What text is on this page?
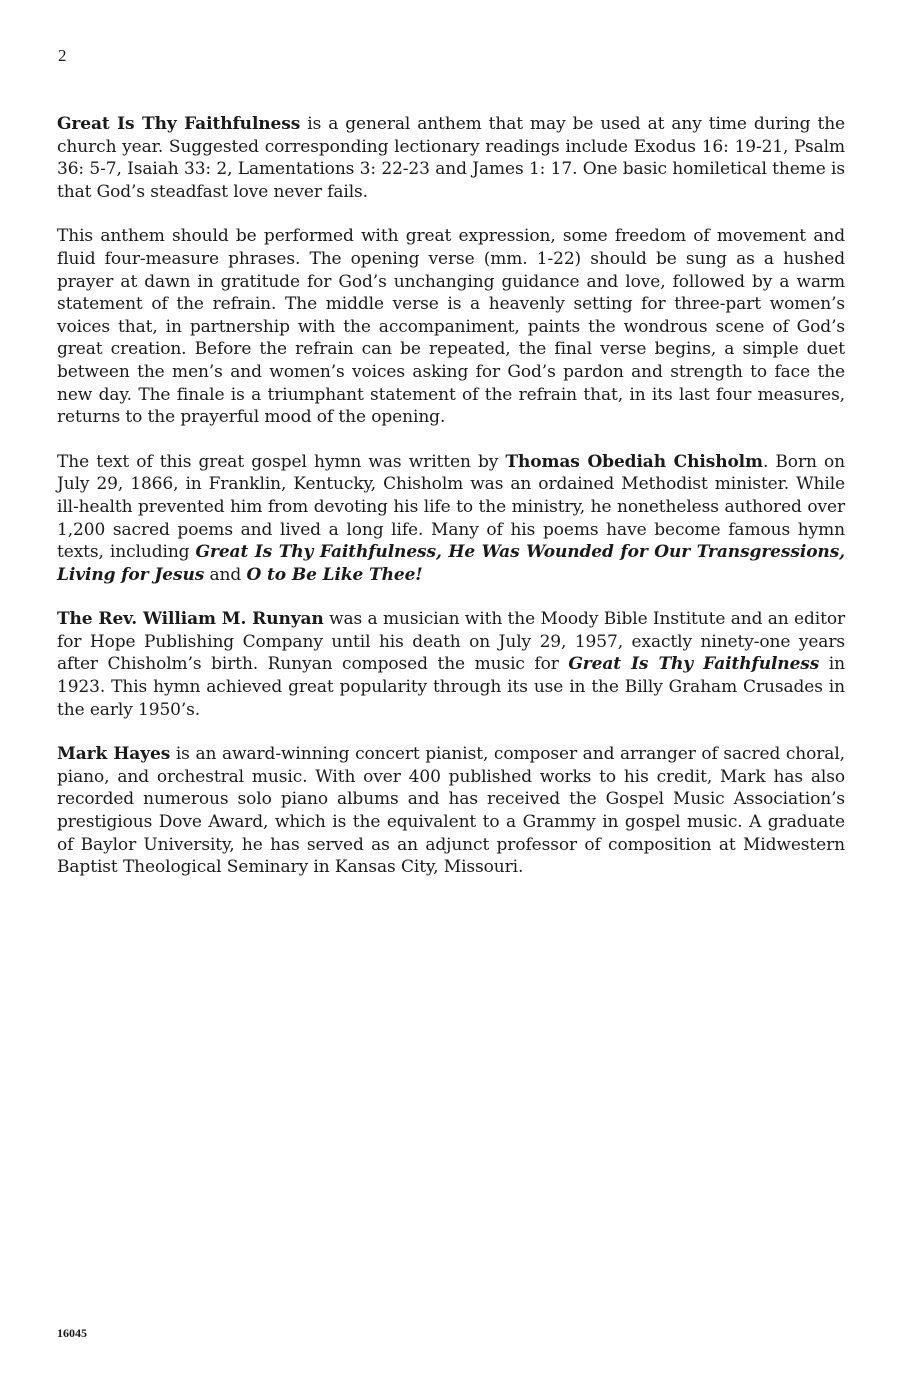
2

Great Is Thy Faithfulness is a general anthem that may be used at any time during the church year. Suggested corresponding lectionary readings include Exodus 16: 19-21, Psalm 36: 5-7, Isaiah 33: 2, Lamentations 3: 22-23 and James 1: 17. One basic homiletical theme is that God’s steadfast love never fails.

This anthem should be performed with great expression, some freedom of movement and fluid four-measure phrases. The opening verse (mm. 1-22) should be sung as a hushed prayer at dawn in gratitude for God’s unchanging guidance and love, followed by a warm statement of the refrain. The middle verse is a heavenly setting for three-part women’s voices that, in partnership with the accompaniment, paints the wondrous scene of God’s great creation. Before the refrain can be repeated, the final verse begins, a simple duet between the men’s and women’s voices asking for God’s pardon and strength to face the new day. The finale is a triumphant statement of the refrain that, in its last four measures, returns to the prayerful mood of the opening.

The text of this great gospel hymn was written by Thomas Obediah Chisholm. Born on July 29, 1866, in Franklin, Kentucky, Chisholm was an ordained Methodist minister. While ill-health prevented him from devoting his life to the ministry, he nonetheless authored over 1,200 sacred poems and lived a long life. Many of his poems have become famous hymn texts, including Great Is Thy Faithfulness, He Was Wounded for Our Transgressions, Living for Jesus and O to Be Like Thee!

The Rev. William M. Runyan was a musician with the Moody Bible Institute and an editor for Hope Publishing Company until his death on July 29, 1957, exactly ninety-one years after Chisholm’s birth. Runyan composed the music for Great Is Thy Faithfulness in 1923. This hymn achieved great popularity through its use in the Billy Graham Crusades in the early 1950’s.

Mark Hayes is an award-winning concert pianist, composer and arranger of sacred choral, piano, and orchestral music. With over 400 published works to his credit, Mark has also recorded numerous solo piano albums and has received the Gospel Music Association’s prestigious Dove Award, which is the equivalent to a Grammy in gospel music. A graduate of Baylor University, he has served as an adjunct professor of composition at Midwestern Baptist Theological Seminary in Kansas City, Missouri.

16045
